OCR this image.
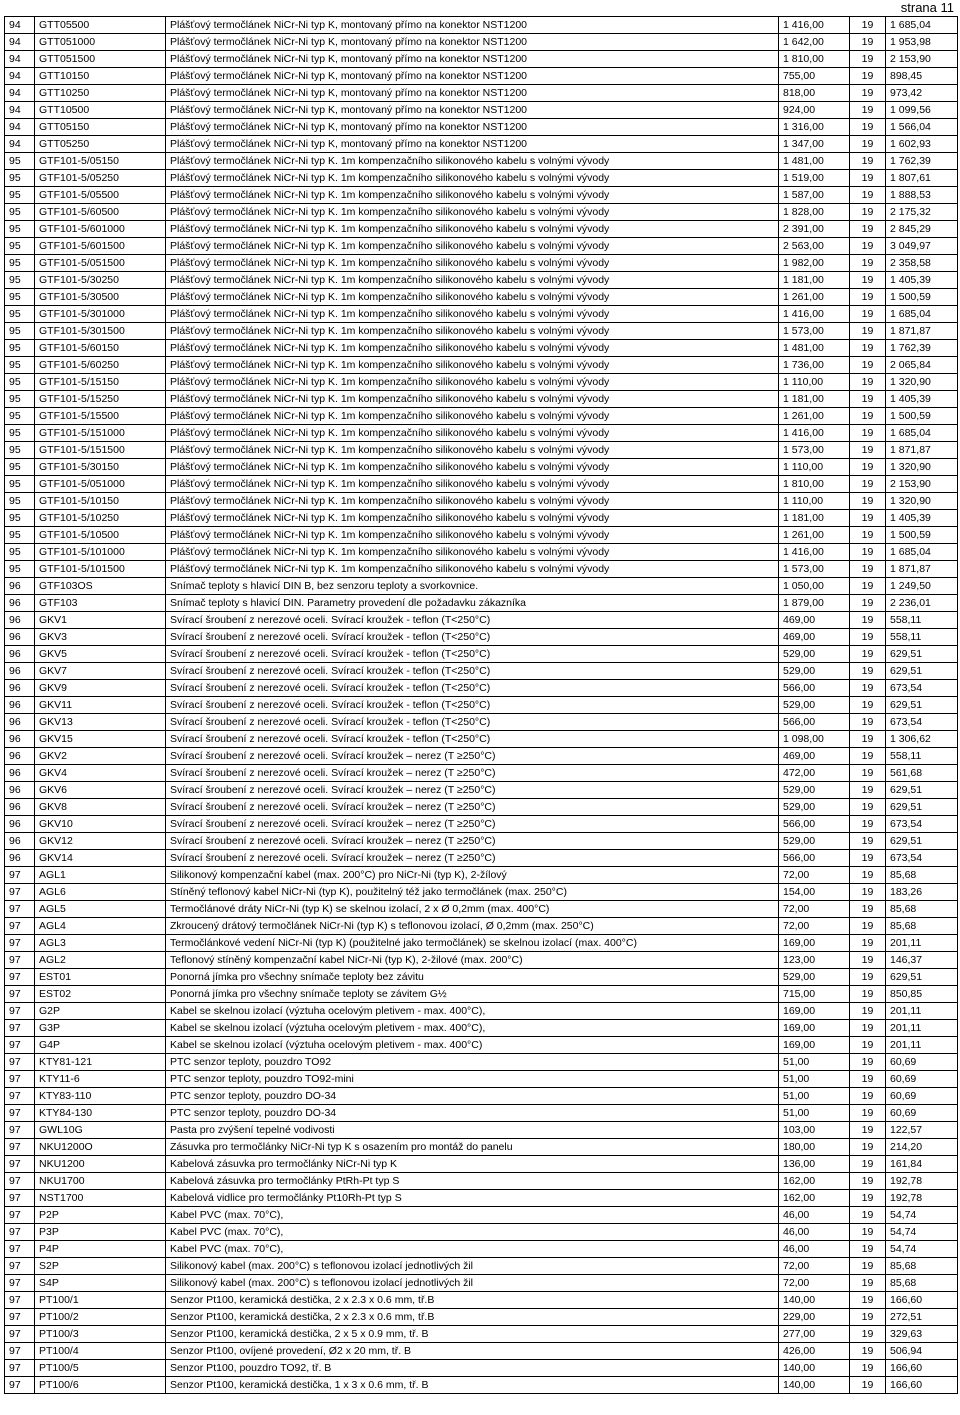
strana 11
94	GTT05500	Plášťový termočlánek NiCr-Ni typ K, montovaný přímo na konektor NST1200	1 416,00	19	1 685,04
94	GTT051000	Plášťový termočlánek NiCr-Ni typ K, montovaný přímo na konektor NST1200	1 642,00	19	1 953,98
94	GTT051500	Plášťový termočlánek NiCr-Ni typ K, montovaný přímo na konektor NST1200	1 810,00	19	2 153,90
94	GTT10150	Plášťový termočlánek NiCr-Ni typ K, montovaný přímo na konektor NST1200	755,00	19	898,45
94	GTT10250	Plášťový termočlánek NiCr-Ni typ K, montovaný přímo na konektor NST1200	818,00	19	973,42
94	GTT10500	Plášťový termočlánek NiCr-Ni typ K, montovaný přímo na konektor NST1200	924,00	19	1 099,56
94	GTT05150	Plášťový termočlánek NiCr-Ni typ K, montovaný přímo na konektor NST1200	1 316,00	19	1 566,04
94	GTT05250	Plášťový termočlánek NiCr-Ni typ K, montovaný přímo na konektor NST1200	1 347,00	19	1 602,93
95	GTF101-5/05150	Plášťový termočlánek NiCr-Ni typ K. 1m kompenzačního silikonového kabelu s volnými vývody	1 481,00	19	1 762,39
95	GTF101-5/05250	Plášťový termočlánek NiCr-Ni typ K. 1m kompenzačního silikonového kabelu s volnými vývody	1 519,00	19	1 807,61
95	GTF101-5/05500	Plášťový termočlánek NiCr-Ni typ K. 1m kompenzačního silikonového kabelu s volnými vývody	1 587,00	19	1 888,53
95	GTF101-5/60500	Plášťový termočlánek NiCr-Ni typ K. 1m kompenzačního silikonového kabelu s volnými vývody	1 828,00	19	2 175,32
95	GTF101-5/601000	Plášťový termočlánek NiCr-Ni typ K. 1m kompenzačního silikonového kabelu s volnými vývody	2 391,00	19	2 845,29
95	GTF101-5/601500	Plášťový termočlánek NiCr-Ni typ K. 1m kompenzačního silikonového kabelu s volnými vývody	2 563,00	19	3 049,97
95	GTF101-5/051500	Plášťový termočlánek NiCr-Ni typ K. 1m kompenzačního silikonového kabelu s volnými vývody	1 982,00	19	2 358,58
95	GTF101-5/30250	Plášťový termočlánek NiCr-Ni typ K. 1m kompenzačního silikonového kabelu s volnými vývody	1 181,00	19	1 405,39
95	GTF101-5/30500	Plášťový termočlánek NiCr-Ni typ K. 1m kompenzačního silikonového kabelu s volnými vývody	1 261,00	19	1 500,59
95	GTF101-5/301000	Plášťový termočlánek NiCr-Ni typ K. 1m kompenzačního silikonového kabelu s volnými vývody	1 416,00	19	1 685,04
95	GTF101-5/301500	Plášťový termočlánek NiCr-Ni typ K. 1m kompenzačního silikonového kabelu s volnými vývody	1 573,00	19	1 871,87
95	GTF101-5/60150	Plášťový termočlánek NiCr-Ni typ K. 1m kompenzačního silikonového kabelu s volnými vývody	1 481,00	19	1 762,39
95	GTF101-5/60250	Plášťový termočlánek NiCr-Ni typ K. 1m kompenzačního silikonového kabelu s volnými vývody	1 736,00	19	2 065,84
95	GTF101-5/15150	Plášťový termočlánek NiCr-Ni typ K. 1m kompenzačního silikonového kabelu s volnými vývody	1 110,00	19	1 320,90
95	GTF101-5/15250	Plášťový termočlánek NiCr-Ni typ K. 1m kompenzačního silikonového kabelu s volnými vývody	1 181,00	19	1 405,39
95	GTF101-5/15500	Plášťový termočlánek NiCr-Ni typ K. 1m kompenzačního silikonového kabelu s volnými vývody	1 261,00	19	1 500,59
95	GTF101-5/151000	Plášťový termočlánek NiCr-Ni typ K. 1m kompenzačního silikonového kabelu s volnými vývody	1 416,00	19	1 685,04
95	GTF101-5/151500	Plášťový termočlánek NiCr-Ni typ K. 1m kompenzačního silikonového kabelu s volnými vývody	1 573,00	19	1 871,87
95	GTF101-5/30150	Plášťový termočlánek NiCr-Ni typ K. 1m kompenzačního silikonového kabelu s volnými vývody	1 110,00	19	1 320,90
95	GTF101-5/051000	Plášťový termočlánek NiCr-Ni typ K. 1m kompenzačního silikonového kabelu s volnými vývody	1 810,00	19	2 153,90
95	GTF101-5/10150	Plášťový termočlánek NiCr-Ni typ K. 1m kompenzačního silikonového kabelu s volnými vývody	1 110,00	19	1 320,90
95	GTF101-5/10250	Plášťový termočlánek NiCr-Ni typ K. 1m kompenzačního silikonového kabelu s volnými vývody	1 181,00	19	1 405,39
95	GTF101-5/10500	Plášťový termočlánek NiCr-Ni typ K. 1m kompenzačního silikonového kabelu s volnými vývody	1 261,00	19	1 500,59
95	GTF101-5/101000	Plášťový termočlánek NiCr-Ni typ K. 1m kompenzačního silikonového kabelu s volnými vývody	1 416,00	19	1 685,04
95	GTF101-5/101500	Plášťový termočlánek NiCr-Ni typ K. 1m kompenzačního silikonového kabelu s volnými vývody	1 573,00	19	1 871,87
96	GTF103OS	Snímač teploty s hlavicí DIN B, bez senzoru teploty a svorkovnice.	1 050,00	19	1 249,50
96	GTF103	Snímač teploty s hlavicí DIN. Parametry provedení dle požadavku zákazníka	1 879,00	19	2 236,01
96	GKV1	Svírací šroubení z nerezové oceli. Svírací kroužek - teflon (T<250°C)	469,00	19	558,11
96	GKV3	Svírací šroubení z nerezové oceli. Svírací kroužek - teflon (T<250°C)	469,00	19	558,11
96	GKV5	Svírací šroubení z nerezové oceli. Svírací kroužek - teflon (T<250°C)	529,00	19	629,51
96	GKV7	Svírací šroubení z nerezové oceli. Svírací kroužek - teflon (T<250°C)	529,00	19	629,51
96	GKV9	Svírací šroubení z nerezové oceli. Svírací kroužek - teflon (T<250°C)	566,00	19	673,54
96	GKV11	Svírací šroubení z nerezové oceli. Svírací kroužek - teflon (T<250°C)	529,00	19	629,51
96	GKV13	Svírací šroubení z nerezové oceli. Svírací kroužek - teflon (T<250°C)	566,00	19	673,54
96	GKV15	Svírací šroubení z nerezové oceli. Svírací kroužek - teflon (T<250°C)	1 098,00	19	1 306,62
96	GKV2	Svírací šroubení z nerezové oceli. Svírací kroužek – nerez (T ≥250°C)	469,00	19	558,11
96	GKV4	Svírací šroubení z nerezové oceli. Svírací kroužek – nerez (T ≥250°C)	472,00	19	561,68
96	GKV6	Svírací šroubení z nerezové oceli. Svírací kroužek – nerez (T ≥250°C)	529,00	19	629,51
96	GKV8	Svírací šroubení z nerezové oceli. Svírací kroužek – nerez (T ≥250°C)	529,00	19	629,51
96	GKV10	Svírací šroubení z nerezové oceli. Svírací kroužek – nerez (T ≥250°C)	566,00	19	673,54
96	GKV12	Svírací šroubení z nerezové oceli. Svírací kroužek – nerez (T ≥250°C)	529,00	19	629,51
96	GKV14	Svírací šroubení z nerezové oceli. Svírací kroužek – nerez (T ≥250°C)	566,00	19	673,54
97	AGL1	Silikonový kompenzační kabel (max. 200°C) pro NiCr-Ni (typ K), 2-žílový	72,00	19	85,68
97	AGL6	Stíněný teflonový kabel NiCr-Ni (typ K), použitelný též jako termočlánek (max. 250°C)	154,00	19	183,26
97	AGL5	Termočlánové dráty NiCr-Ni (typ K) se skelnou izolací, 2 x Ø 0,2mm (max. 400°C)	72,00	19	85,68
97	AGL4	Zkroucený drátový termočlánek NiCr-Ni (typ K) s teflonovou izolací, Ø 0,2mm (max. 250°C)	72,00	19	85,68
97	AGL3	Termočlánkové vedení NiCr-Ni (typ K) (použitelné jako termočlánek) se skelnou izolací (max. 400°C)	169,00	19	201,11
97	AGL2	Teflonový stíněný kompenzační kabel NiCr-Ni (typ K), 2-žilové (max. 200°C)	123,00	19	146,37
97	EST01	Ponorná jímka pro všechny snímače teploty bez závitu	529,00	19	629,51
97	EST02	Ponorná jímka pro všechny snímače teploty se závitem G½	715,00	19	850,85
97	G2P	Kabel se skelnou izolací (výztuha ocelovým pletivem - max. 400°C),	169,00	19	201,11
97	G3P	Kabel se skelnou izolací (výztuha ocelovým pletivem - max. 400°C),	169,00	19	201,11
97	G4P	Kabel se skelnou izolací (výztuha ocelovým pletivem - max. 400°C)	169,00	19	201,11
97	KTY81-121	PTC senzor teploty, pouzdro TO92	51,00	19	60,69
97	KTY11-6	PTC senzor teploty, pouzdro TO92-mini	51,00	19	60,69
97	KTY83-110	PTC senzor teploty, pouzdro DO-34	51,00	19	60,69
97	KTY84-130	PTC senzor teploty, pouzdro DO-34	51,00	19	60,69
97	GWL10G	Pasta pro zvýšení tepelné vodivosti	103,00	19	122,57
97	NKU1200O	Zásuvka pro termočlánky NiCr-Ni typ K s osazením pro montáž do panelu	180,00	19	214,20
97	NKU1200	Kabelová zásuvka pro termočlánky NiCr-Ni typ K	136,00	19	161,84
97	NKU1700	Kabelová zásuvka pro termočlánky PtRh-Pt typ S	162,00	19	192,78
97	NST1700	Kabelová vidlice pro termočlánky Pt10Rh-Pt typ S	162,00	19	192,78
97	P2P	Kabel PVC (max. 70°C),	46,00	19	54,74
97	P3P	Kabel PVC (max. 70°C),	46,00	19	54,74
97	P4P	Kabel PVC (max. 70°C),	46,00	19	54,74
97	S2P	Silikonový kabel (max. 200°C) s teflonovou izolací jednotlivých žil	72,00	19	85,68
97	S4P	Silikonový kabel (max. 200°C) s teflonovou izolací jednotlivých žil	72,00	19	85,68
97	PT100/1	Senzor Pt100, keramická destička, 2 x 2.3 x 0.6 mm, tř.B	140,00	19	166,60
97	PT100/2	Senzor Pt100, keramická destička, 2 x 2.3 x 0.6 mm, tř.B	229,00	19	272,51
97	PT100/3	Senzor Pt100, keramická destička, 2 x 5 x 0.9 mm, tř. B	277,00	19	329,63
97	PT100/4	Senzor Pt100, ovíjené provedení, Ø2 x 20 mm, tř. B	426,00	19	506,94
97	PT100/5	Senzor Pt100, pouzdro TO92, tř. B	140,00	19	166,60
97	PT100/6	Senzor Pt100, keramická destička, 1 x 3 x 0.6 mm, tř. B	140,00	19	166,60
